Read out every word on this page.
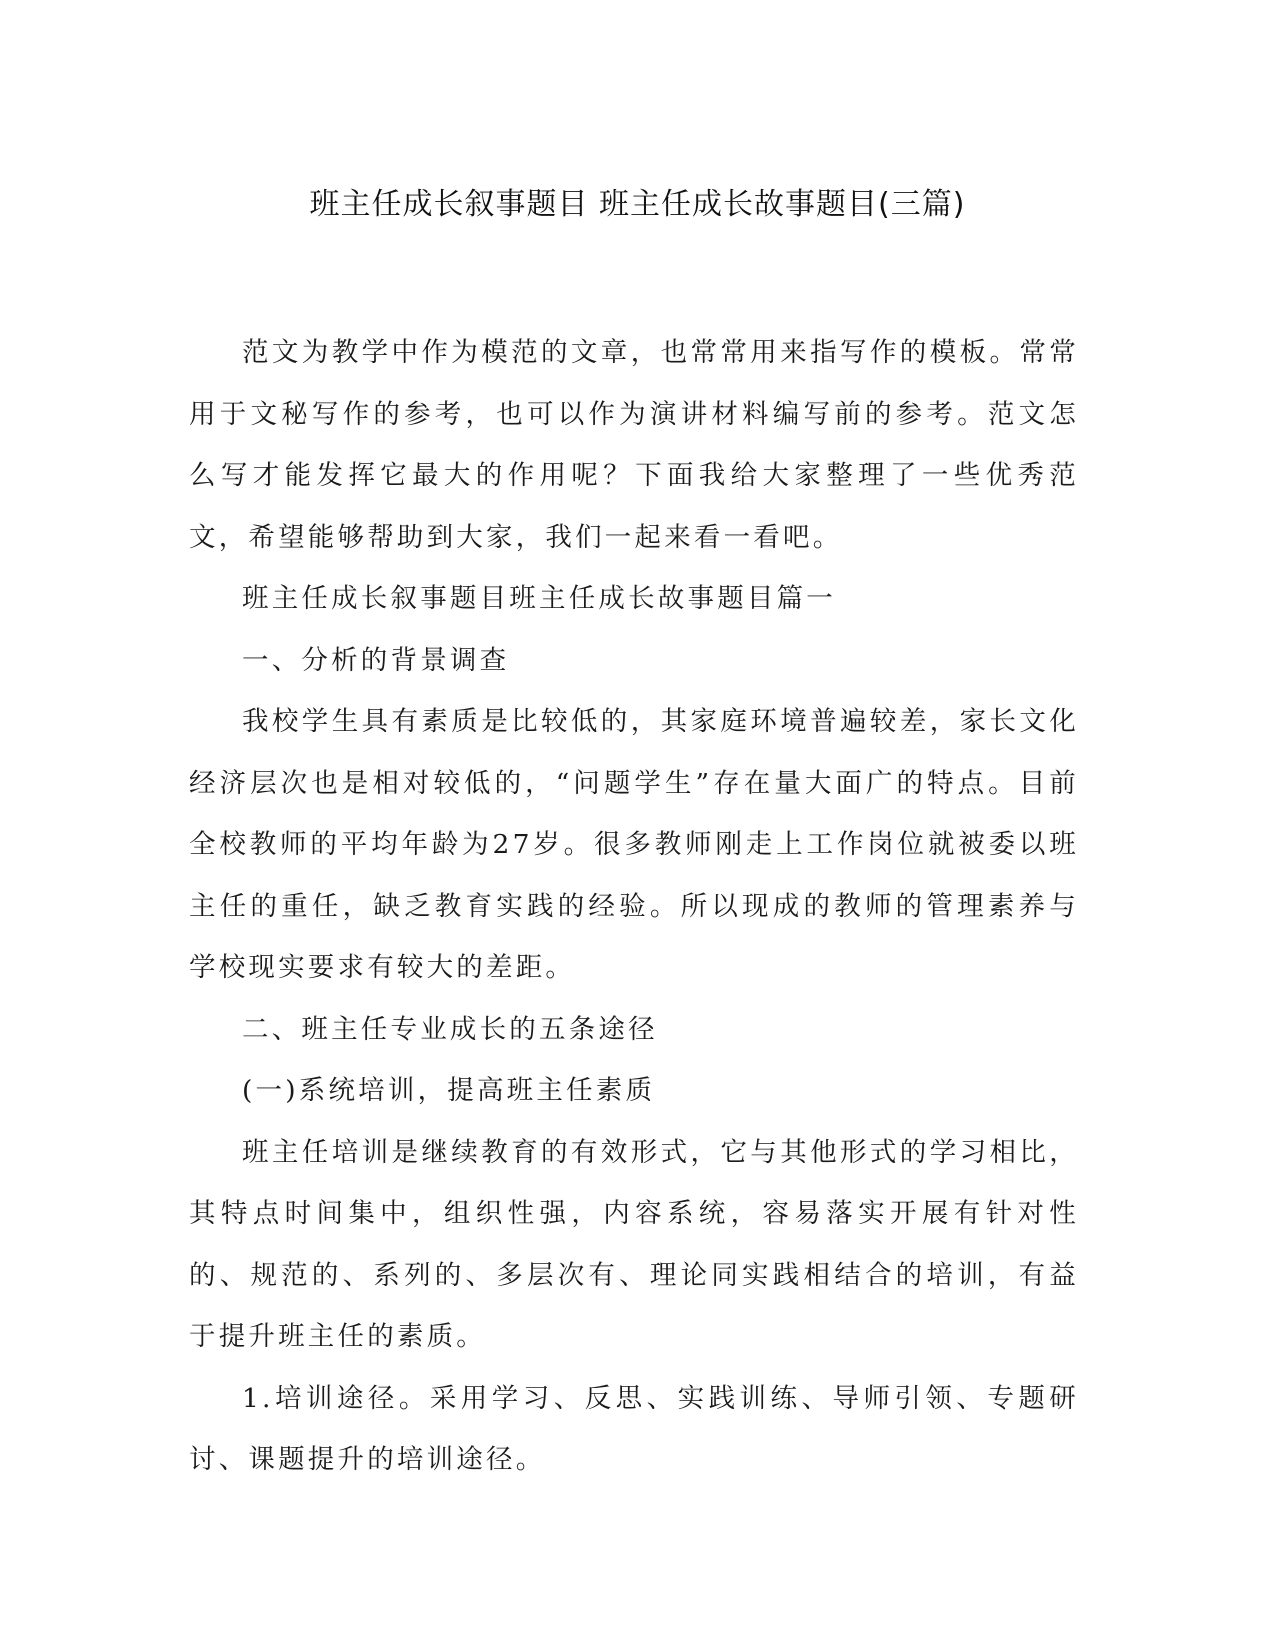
班主任成长叙事题目 班主任成长故事题目(三篇)

范文为教学中作为模范的文章，也常常用来指写作的模板。常常用于文秘写作的参考，也可以作为演讲材料编写前的参考。范文怎么写才能发挥它最大的作用呢？下面我给大家整理了一些优秀范文，希望能够帮助到大家，我们一起来看一看吧。

班主任成长叙事题目班主任成长故事题目篇一

一、分析的背景调查

我校学生具有素质是比较低的，其家庭环境普遍较差，家长文化经济层次也是相对较低的，“问题学生”存在量大面广的特点。目前全校教师的平均年龄为27岁。很多教师刚走上工作岗位就被委以班主任的重任，缺乏教育实践的经验。所以现成的教师的管理素养与学校现实要求有较大的差距。

二、班主任专业成长的五条途径

(一)系统培训，提高班主任素质

班主任培训是继续教育的有效形式，它与其他形式的学习相比，其特点时间集中，组织性强，内容系统，容易落实开展有针对性的、规范的、系列的、多层次有、理论同实践相结合的培训，有益于提升班主任的素质。

1.培训途径。采用学习、反思、实践训练、导师引领、专题研讨、课题提升的培训途径。
